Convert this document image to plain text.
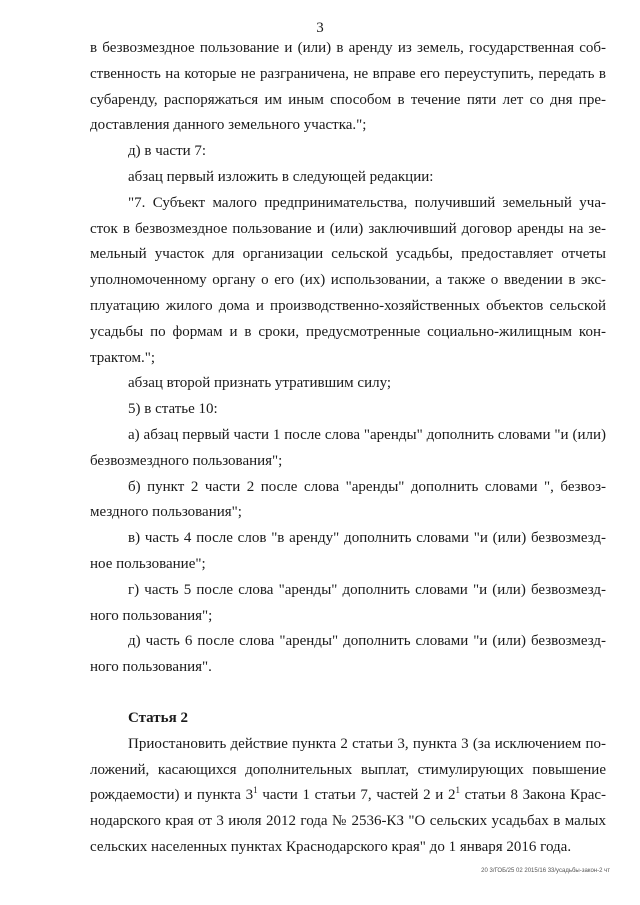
3

в безвозмездное пользование и (или) в аренду из земель, государственная собственность на которые не разграничена, не вправе его переуступить, передать в субаренду, распоряжаться им иным способом в течение пяти лет со дня предоставления данного земельного участка.";

д) в части 7:

абзац первый изложить в следующей редакции:

"7. Субъект малого предпринимательства, получивший земельный участок в безвозмездное пользование и (или) заключивший договор аренды на земельный участок для организации сельской усадьбы, предоставляет отчеты уполномоченному органу о его (их) использовании, а также о введении в эксплуатацию жилого дома и производственно-хозяйственных объектов сельской усадьбы по формам и в сроки, предусмотренные социально-жилищным контрактом.";

абзац второй признать утратившим силу;

5) в статье 10:

а) абзац первый части 1 после слова "аренды" дополнить словами "и (или) безвозмездного пользования";

б) пункт 2 части 2 после слова "аренды" дополнить словами ", безвозмездного пользования";

в) часть 4 после слов "в аренду" дополнить словами "и (или) безвозмездное пользование";

г) часть 5 после слова "аренды" дополнить словами "и (или) безвозмездного пользования";

д) часть 6 после слова "аренды" дополнить словами "и (или) безвозмездного пользования".

Статья 2

Приостановить действие пункта 2 статьи 3, пункта 3 (за исключением положений, касающихся дополнительных выплат, стимулирующих повышение рождаемости) и пункта $3^1$ части 1 статьи 7, частей 2 и $2^1$ статьи 8 Закона Краснодарского края от 3 июля 2012 года № 2536-КЗ "О сельских усадьбах в малых сельских населенных пунктах Краснодарского края" до 1 января 2016 года.

20 3/ГОБ/25 02 2015/16 33/усадьбы-закон-2 чт
